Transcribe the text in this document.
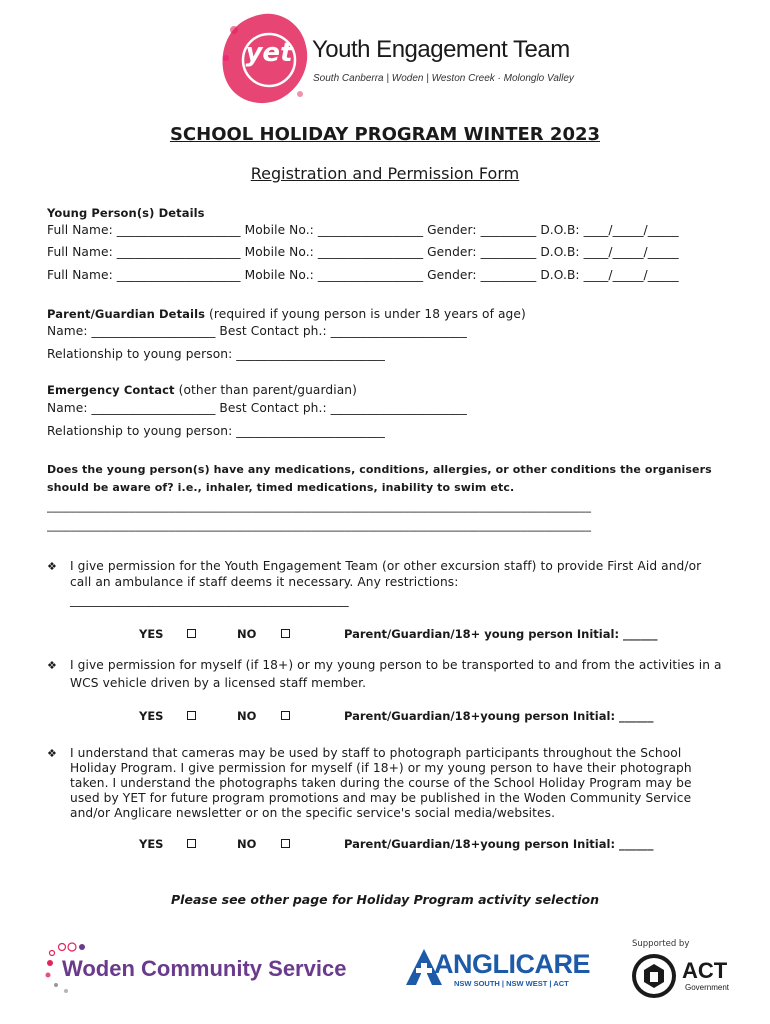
yet Youth Engagement Team
South Canberra | Woden | Weston Creek · Molonglo Valley
SCHOOL HOLIDAY PROGRAM WINTER 2023
Registration and Permission Form
Young Person(s) Details
Full Name: ____________________ Mobile No.: _________________ Gender: _________ D.O.B: ____/_____/_____
Full Name: ____________________ Mobile No.: _________________ Gender: _________ D.O.B: ____/_____/_____
Full Name: ____________________ Mobile No.: _________________ Gender: _________ D.O.B: ____/_____/_____
Parent/Guardian Details (required if young person is under 18 years of age)
Name: ____________________ Best Contact ph.: ______________________
Relationship to young person: ________________________
Emergency Contact (other than parent/guardian)
Name: ____________________ Best Contact ph.: ______________________
Relationship to young person: ________________________
Does the young person(s) have any medications, conditions, allergies, or other conditions the organisers
should be aware of? i.e., inhaler, timed medications, inability to swim etc.
_____________________________________________________________________________________________
_____________________________________________________________________________________________
❖ I give permission for the Youth Engagement Team (or other excursion staff) to provide First Aid and/or
call an ambulance if staff deems it necessary. Any restrictions:
_____________________________________________
YES	NO	Parent/Guardian/18+ young person Initial: ______
❖ I give permission for myself (if 18+) or my young person to be transported to and from the activities in a
WCS vehicle driven by a licensed staff member.
YES	NO	Parent/Guardian/18+young person Initial: ______
❖ I understand that cameras may be used by staff to photograph participants throughout the School
Holiday Program. I give permission for myself (if 18+) or my young person to have their photograph
taken. I understand the photographs taken during the course of the School Holiday Program may be
used by YET for future program promotions and may be published in the Woden Community Service
and/or Anglicare newsletter or on the specific service's social media/websites.
YES	NO	Parent/Guardian/18+young person Initial: ______
Please see other page for Holiday Program activity selection
Woden Community Service	ANGLICARE
NSW SOUTH | NSW WEST | ACT
Supported by
ACT
Government
